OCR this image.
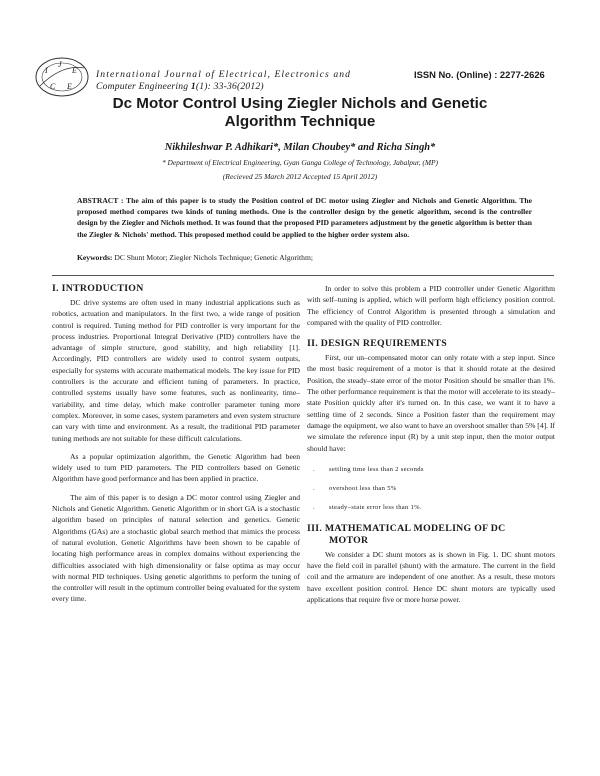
I
J
E
C E
International Journal of Electrical, Electronics and
Computer Engineering 1(1): 33-36(2012)
ISSN No. (Online) : 2277-2626
Dc Motor Control Using Ziegler Nichols and Genetic
Algorithm Technique
Nikhileshwar P. Adhikari*, Milan Choubey* and Richa Singh*
* Department of Electrical Engineering, Gyan Ganga College of Technology, Jabalpur, (MP)
(Recieved 25 March 2012 Accepted 15 April 2012)
ABSTRACT : The aim of this paper is to study the Position control of DC motor using Ziegler and Nichols and Genetic Algorithm. The proposed method compares two kinds of tuning methods. One is the controller design by the genetic algorithm, second is the controller design by the Ziegler and Nichols method. It was found that the proposed PID parameters adjustment by the genetic algorithm is better than the Ziegler & Nichols' method. This proposed method could be applied to the higher order system also.
Keywords: DC Shunt Motor; Ziegler Nichols Technique; Genetic Algorithm;
I. INTRODUCTION

DC drive systems are often used in many industrial applications such as robotics, actuation and manipulators. In the first two, a wide range of position control is required. Tuning method for PID controller is very important for the process industries. Proportional Integral Derivative (PID) controllers have the advantage of simple structure, good stability, and high reliability [1]. Accordingly, PID controllers are widely used to control system outputs, especially for systems with accurate mathematical models. The key issue for PID controllers is the accurate and efficient tuning of parameters. In practice, controlled systems usually have some features, such as nonlinearity, time–variability, and time delay, which make controller parameter tuning more complex. Moreover, in some cases, system parameters and even system structure can vary with time and environment. As a result, the traditional PID parameter tuning methods are not suitable for these difficult calculations.

As a popular optimization algorithm, the Genetic Algorithm had been widely used to turn PID parameters. The PID controllers based on Genetic Algorithm have good performance and has been applied in practice.

The aim of this paper is to design a DC motor control using Ziegler and Nichols and Genetic Algorithm. Genetic Algorithm or in short GA is a stochastic algorithm based on principles of natural selection and genetics. Genetic Algorithms (GAs) are a stochastic global search method that mimics the process of natural evolution. Genetic Algorithms have been shown to be capable of locating high performance areas in complex domains without experiencing the difficulties associated with high dimensionality or false optima as may occur with normal PID techniques. Using genetic algorithms to perform the tuning of the controller will result in the optimum controller being evaluated for the system every time.

In order to solve this problem a PID controller under Genetic Algorithm with self–tuning is applied, which will perform high efficiency position control. The efficiency of Control Algorithm is presented through a simulation and compared with the quality of PID controller.

II. DESIGN REQUIREMENTS

First, our un–compensated motor can only rotate with a step input. Since the most basic requirement of a motor is that it should rotate at the desired Position, the steady–state error of the motor Position should be smaller than 1%. The other performance requirement is that the motor will accelerate to its steady–state Position quickly after it's turned on. In this case, we want it to have a settling time of 2 seconds. Since a Position faster than the requirement may damage the equipment, we also want to have an overshoot smaller than 5% [4]. If we simulate the reference input (R) by a unit step input, then the motor output should have:

. settling time less than 2 seconds
. overshoot less than 5%
. steady–state error less than 1%.
III. MATHEMATICAL MODELING OF DC
MOTOR

We consider a DC shunt motors as is shown in Fig. 1. DC shunt motors have the field coil in parallel (shunt) with the armature. The current in the field coil and the armature are independent of one another. As a result, these motors have excellent position control. Hence DC shunt motors are typically used applications that require five or more horse power.
